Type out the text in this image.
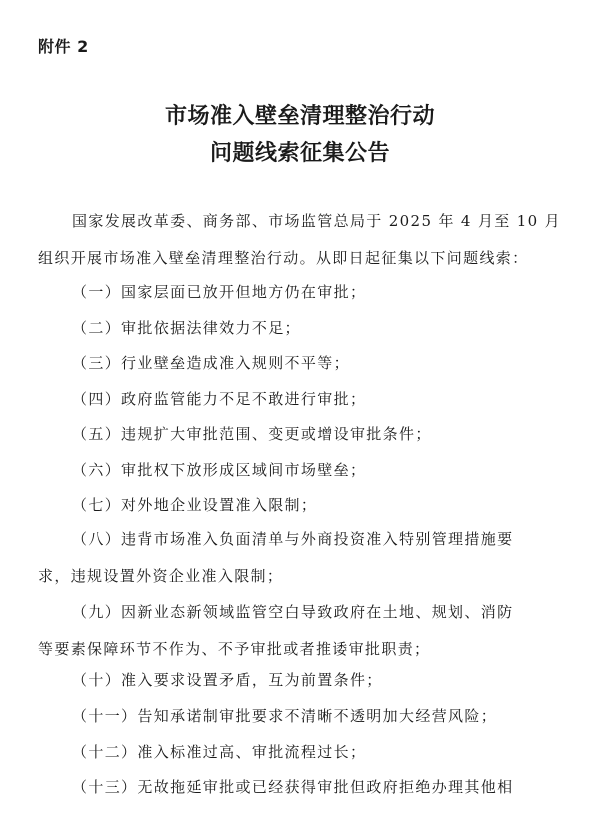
附件 2
市场准入壁垒清理整治行动
问题线索征集公告
国家发展改革委、商务部、市场监管总局于 2025 年 4 月至 10 月
组织开展市场准入壁垒清理整治行动。从即日起征集以下问题线索：
（一）国家层面已放开但地方仍在审批；
（二）审批依据法律效力不足；
（三）行业壁垒造成准入规则不平等；
（四）政府监管能力不足不敢进行审批；
（五）违规扩大审批范围、变更或增设审批条件；
（六）审批权下放形成区域间市场壁垒；
（七）对外地企业设置准入限制；
（八）违背市场准入负面清单与外商投资准入特别管理措施要
求，违规设置外资企业准入限制；
（九）因新业态新领域监管空白导致政府在土地、规划、消防
等要素保障环节不作为、不予审批或者推诿审批职责；
（十）准入要求设置矛盾，互为前置条件；
（十一）告知承诺制审批要求不清晰不透明加大经营风险；
（十二）准入标准过高、审批流程过长；
（十三）无故拖延审批或已经获得审批但政府拒绝办理其他相
